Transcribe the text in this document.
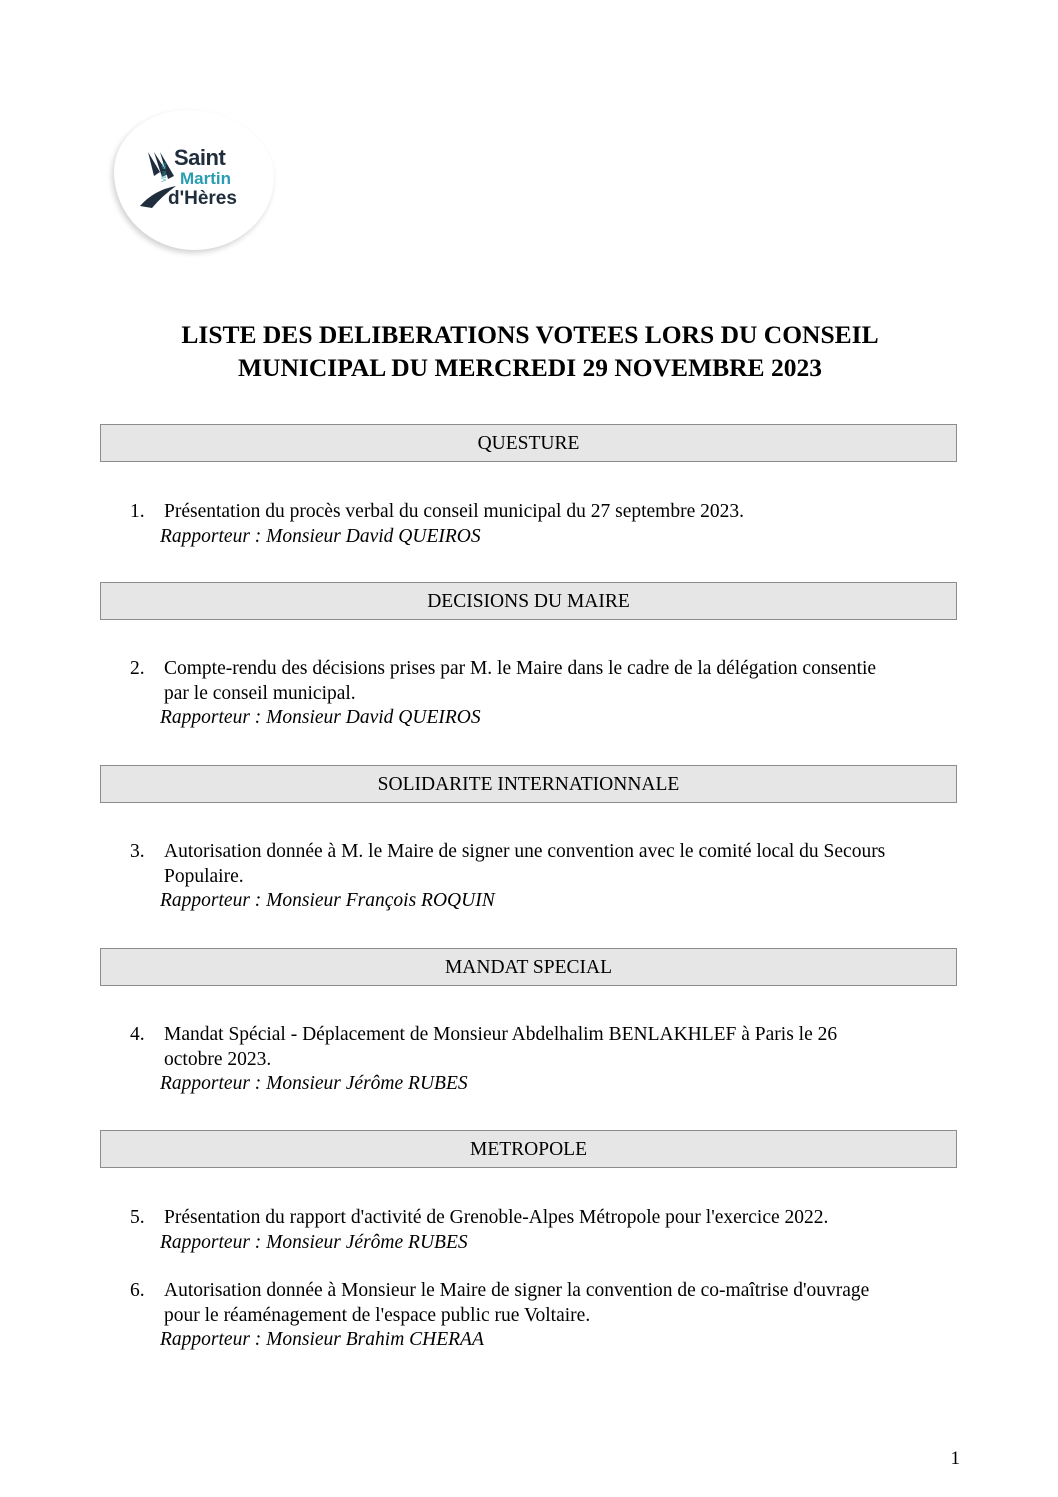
Ville de
Saint
Martin
d'Hères
LISTE DES DELIBERATIONS VOTEES LORS DU CONSEIL
MUNICIPAL DU MERCREDI 29 NOVEMBRE 2023
QUESTURE
1. Présentation du procès verbal du conseil municipal du 27 septembre 2023.
Rapporteur : Monsieur David QUEIROS
DECISIONS DU MAIRE
2. Compte-rendu des décisions prises par M. le Maire dans le cadre de la délégation consentie
par le conseil municipal.
Rapporteur : Monsieur David QUEIROS
SOLIDARITE INTERNATIONNALE
3. Autorisation donnée à M. le Maire de signer une convention avec le comité local du Secours
Populaire.
Rapporteur : Monsieur François ROQUIN
MANDAT SPECIAL
4. Mandat Spécial - Déplacement de Monsieur Abdelhalim BENLAKHLEF à Paris le 26
octobre 2023.
Rapporteur : Monsieur Jérôme RUBES
METROPOLE
5. Présentation du rapport d'activité de Grenoble-Alpes Métropole pour l'exercice 2022.
Rapporteur : Monsieur Jérôme RUBES
6. Autorisation donnée à Monsieur le Maire de signer la convention de co-maîtrise d'ouvrage
pour le réaménagement de l'espace public rue Voltaire.
Rapporteur : Monsieur Brahim CHERAA
1
